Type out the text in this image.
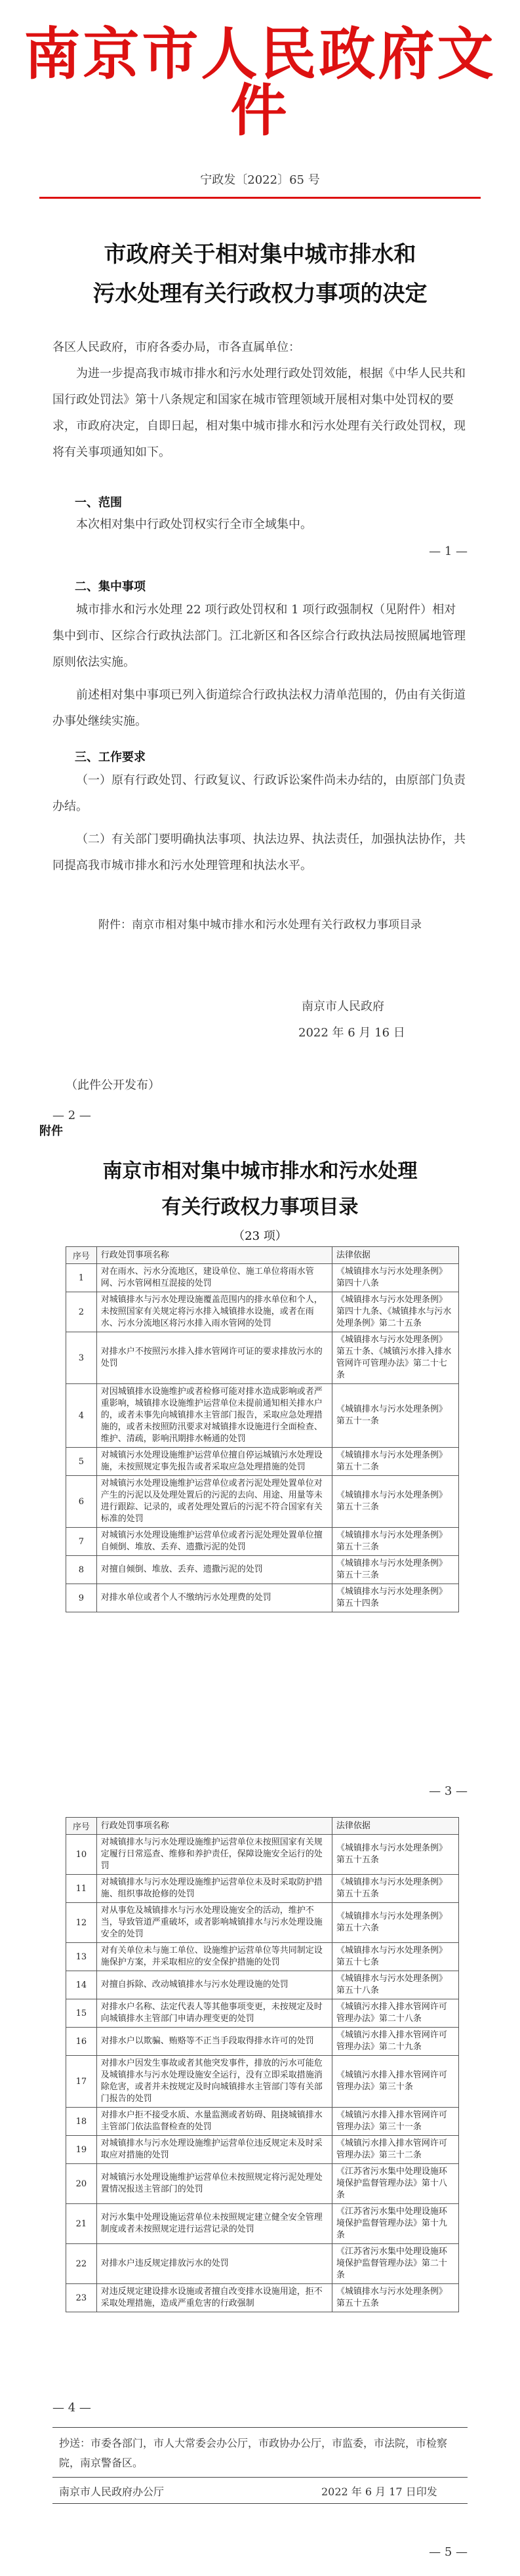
南京市人民政府文件
宁政发〔2022〕65 号
市政府关于相对集中城市排水和
污水处理有关行政权力事项的决定
各区人民政府，市府各委办局，市各直属单位：
为进一步提高我市城市排水和污水处理行政处罚效能，根据《中华人民共和国行政处罚法》第十八条规定和国家在城市管理领域开展相对集中处罚权的要求，市政府决定，自即日起，相对集中城市排水和污水处理有关行政处罚权，现将有关事项通知如下。
一、范围
本次相对集中行政处罚权实行全市全域集中。
— 1 —
二、集中事项
城市排水和污水处理 22 项行政处罚权和 1 项行政强制权（见附件）相对集中到市、区综合行政执法部门。江北新区和各区综合行政执法局按照属地管理原则依法实施。
前述相对集中事项已列入街道综合行政执法权力清单范围的，仍由有关街道办事处继续实施。
三、工作要求
（一）原有行政处罚、行政复议、行政诉讼案件尚未办结的，由原部门负责办结。
（二）有关部门要明确执法事项、执法边界、执法责任，加强执法协作，共同提高我市城市排水和污水处理管理和执法水平。
附件：南京市相对集中城市排水和污水处理有关行政权力事项目录
南京市人民政府
2022 年 6 月 16 日
（此件公开发布）
— 2 —
附件
南京市相对集中城市排水和污水处理
有关行政权力事项目录
（23 项）
序号	行政处罚事项名称	法律依据
1	对在雨水、污水分流地区，建设单位、施工单位将雨水管网、污水管网相互混接的处罚	《城镇排水与污水处理条例》第四十八条
2	对城镇排水与污水处理设施覆盖范围内的排水单位和个人，未按照国家有关规定将污水排入城镇排水设施，或者在雨水、污水分流地区将污水排入雨水管网的处罚	《城镇排水与污水处理条例》第四十九条、《城镇排水与污水处理条例》第二十五条
3	对排水户不按照污水排入排水管网许可证的要求排放污水的处罚	《城镇排水与污水处理条例》第五十条、《城镇污水排入排水管网许可管理办法》第二十七条
4	对因城镇排水设施维护或者检修可能对排水造成影响或者严重影响，城镇排水设施维护运营单位未提前通知相关排水户的，或者未事先向城镇排水主管部门报告，采取应急处理措施的，或者未按照防汛要求对城镇排水设施进行全面检查、维护、清疏，影响汛期排水畅通的处罚	《城镇排水与污水处理条例》第五十一条
5	对城镇污水处理设施维护运营单位擅自停运城镇污水处理设施，未按照规定事先报告或者采取应急处理措施的处罚	《城镇排水与污水处理条例》第五十二条
6	对城镇污水处理设施维护运营单位或者污泥处理处置单位对产生的污泥以及处理处置后的污泥的去向、用途、用量等未进行跟踪、记录的，或者处理处置后的污泥不符合国家有关标准的处罚	《城镇排水与污水处理条例》第五十三条
7	对城镇污水处理设施维护运营单位或者污泥处理处置单位擅自倾倒、堆放、丢弃、遗撒污泥的处罚	《城镇排水与污水处理条例》第五十三条
8	对擅自倾倒、堆放、丢弃、遗撒污泥的处罚	《城镇排水与污水处理条例》第五十三条
9	对排水单位或者个人不缴纳污水处理费的处罚	《城镇排水与污水处理条例》第五十四条
— 3 —
序号	行政处罚事项名称	法律依据
10	对城镇排水与污水处理设施维护运营单位未按照国家有关规定履行日常巡查、维修和养护责任，保障设施安全运行的处罚	《城镇排水与污水处理条例》第五十五条
11	对城镇排水与污水处理设施维护运营单位未及时采取防护措施、组织事故抢修的处罚	《城镇排水与污水处理条例》第五十五条
12	对从事危及城镇排水与污水处理设施安全的活动，维护不当，导致管道严重破坏，或者影响城镇排水与污水处理设施安全的处罚	《城镇排水与污水处理条例》第五十六条
13	对有关单位未与施工单位、设施维护运营单位等共同制定设施保护方案，并采取相应的安全保护措施的处罚	《城镇排水与污水处理条例》第五十七条
14	对擅自拆除、改动城镇排水与污水处理设施的处罚	《城镇排水与污水处理条例》第五十八条
15	对排水户名称、法定代表人等其他事项变更，未按规定及时向城镇排水主管部门申请办理变更的处罚	《城镇污水排入排水管网许可管理办法》第二十八条
16	对排水户以欺骗、贿赂等不正当手段取得排水许可的处罚	《城镇污水排入排水管网许可管理办法》第二十九条
17	对排水户因发生事故或者其他突发事件，排放的污水可能危及城镇排水与污水处理设施安全运行，没有立即采取措施消除危害，或者并未按规定及时向城镇排水主管部门等有关部门报告的处罚	《城镇污水排入排水管网许可管理办法》第三十条
18	对排水户拒不接受水质、水量监测或者妨碍、阻挠城镇排水主管部门依法监督检查的处罚	《城镇污水排入排水管网许可管理办法》第三十一条
19	对城镇排水与污水处理设施维护运营单位违反规定未及时采取应对措施的处罚	《城镇污水排入排水管网许可管理办法》第三十二条
20	对城镇污水处理设施维护运营单位未按照规定将污泥处理处置情况报送主管部门的处罚	《江苏省污水集中处理设施环境保护监督管理办法》第十八条
21	对污水集中处理设施运营单位未按照规定建立健全安全管理制度或者未按照规定进行运营记录的处罚	《江苏省污水集中处理设施环境保护监督管理办法》第十九条
22	对排水户违反规定排放污水的处罚	《江苏省污水集中处理设施环境保护监督管理办法》第二十条
23	对违反规定建设排水设施或者擅自改变排水设施用途，拒不采取处理措施，造成严重危害的行政强制	《城镇排水与污水处理条例》第五十五条
— 4 —
抄送：市委各部门，市人大常委会办公厅，市政协办公厅，市监委，市法院，市检察院，南京警备区。
南京市人民政府办公厅	2022 年 6 月 17 日印发
— 5 —
